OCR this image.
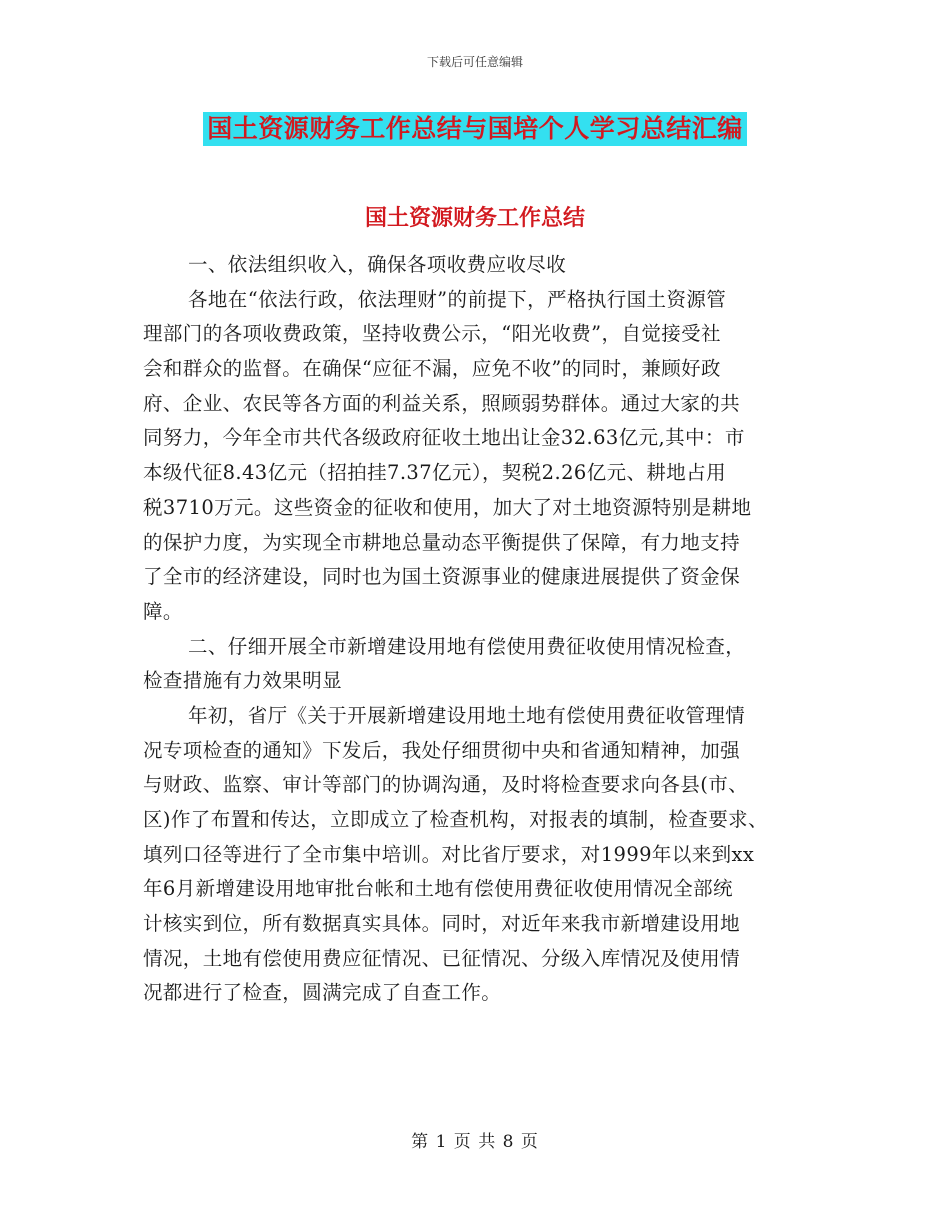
下载后可任意编辑
国土资源财务工作总结与国培个人学习总结汇编
国土资源财务工作总结
一、依法组织收入，确保各项收费应收尽收
各地在“依法行政，依法理财”的前提下，严格执行国土资源管
理部门的各项收费政策，坚持收费公示，“阳光收费”，自觉接受社
会和群众的监督。在确保“应征不漏，应免不收”的同时，兼顾好政
府、企业、农民等各方面的利益关系，照顾弱势群体。通过大家的共
同努力，今年全市共代各级政府征收土地出让金32.63亿元,其中：市
本级代征8.43亿元（招拍挂7.37亿元），契税2.26亿元、耕地占用
税3710万元。这些资金的征收和使用，加大了对土地资源特别是耕地
的保护力度，为实现全市耕地总量动态平衡提供了保障，有力地支持
了全市的经济建设，同时也为国土资源事业的健康进展提供了资金保
障。
二、仔细开展全市新增建设用地有偿使用费征收使用情况检查，
检查措施有力效果明显
年初，省厅《关于开展新增建设用地土地有偿使用费征收管理情
况专项检查的通知》下发后，我处仔细贯彻中央和省通知精神，加强
与财政、监察、审计等部门的协调沟通，及时将检查要求向各县(市、
区)作了布置和传达，立即成立了检查机构，对报表的填制，检查要求、
填列口径等进行了全市集中培训。对比省厅要求，对1999年以来到xx
年6月新增建设用地审批台帐和土地有偿使用费征收使用情况全部统
计核实到位，所有数据真实具体。同时，对近年来我市新增建设用地
情况，土地有偿使用费应征情况、已征情况、分级入库情况及使用情
况都进行了检查，圆满完成了自查工作。
第 1 页 共 8 页
